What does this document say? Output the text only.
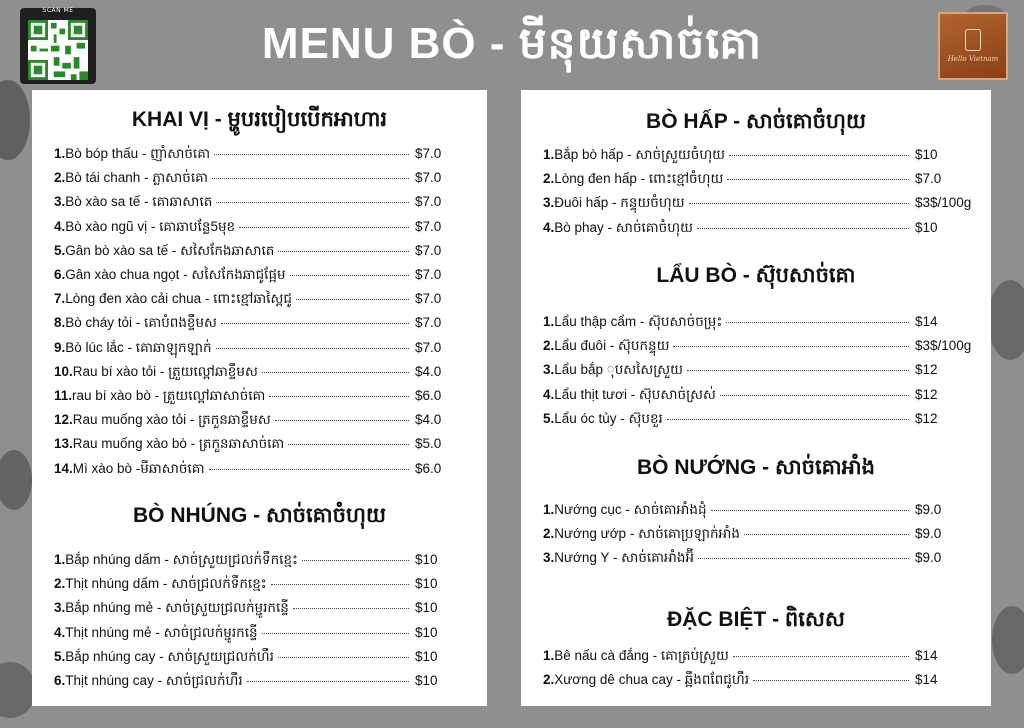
SCAN ME
Hello Vietnam
MENU BÒ - មីនុយសាច់គោ
KHAI VỊ - ម្ហូបរបៀបបើកអាហារ
1. Bò bóp thấu - ញាំសាច់គោ	$7.0
2. Bò tái chanh - ភ្លាសាច់គោ	$7.0
3. Bò xào sa tế - គោឆាសាតេ	$7.0
4. Bò xào ngũ vị - គោឆាបន្លែ5មុខ	$7.0
5. Gân bò xào sa tế - សសៃកែងឆាសាតេ	$7.0
6. Gân xào chua ngọt - សសៃកែងឆាជូផ្អែម	$7.0
7. Lòng đen xào cải chua - ពោះខ្មៅឆាស្ពៃជូ	$7.0
8. Bò cháy tỏi - គោបំពងខ្ទឹមស	$7.0
9. Bò lúc lắc - គោឆាឡុកឡាក់	$7.0
10. Rau bí xào tỏi - ត្រួយល្ពៅឆាខ្ទឹមស	$4.0
11. rau bí xào bò - ត្រួយល្ពៅឆាសាច់គោ	$6.0
12. Rau muống xào tỏi - ត្រកួនឆាខ្ទឹមស	$4.0
13. Rau muống xào bò - ត្រកួនឆាសាច់គោ	$5.0
14. Mì xào bò -មីឆាសាច់គោ	$6.0
BÒ NHÚNG - សាច់គោចំហុយ
1. Bắp nhúng dấm - សាច់ស្រួយជ្រលក់ទឹកខ្មេះ	$10
2. Thịt nhúng dấm - សាច់ជ្រលក់ទឹកខ្មេះ	$10
3. Bắp nhúng mẻ - សាច់ស្រួយជ្រលក់ម្ជូរកន្ទើ	$10
4. Thịt nhúng mẻ - សាច់ជ្រលក់ម្ជូរកន្ទើ	$10
5. Bắp nhúng cay - សាច់ស្រួយជ្រលក់ហឹរ	$10
6. Thịt nhúng cay - សាច់ជ្រលក់ហឹរ	$10
BÒ HẤP - សាច់គោចំហុយ
1. Bắp bò hấp - សាច់ស្រួយចំហុយ	$10
2. Lòng đen hấp - ពោះខ្មៅចំហុយ	$7.0
3. Đuôi hấp - កន្ទុយចំហុយ	$3$/100g
4. Bò phay - សាច់គោចំហុយ	$10
LẨU BÒ - ស៊ុបសាច់គោ
1. Lẩu thập cẩm - ស៊ុបសាច់ចម្រុះ	$14
2. Lẩu đuôi - ស៊ុបកន្ទុយ	$3$/100g
3. Lẩu bắp ុបសសៃស្រួយ	$12
4. Lẩu thịt tươi - ស៊ុបសាច់ស្រស់	$12
5. Lẩu óc tủy - ស៊ុបខួរ	$12
BÒ NƯỚNG - សាច់គោអាំង
1. Nướng cục - សាច់គោអាំងដុំ	$9.0
2. Nướng ướp - សាច់គោប្រឡាក់អាំង	$9.0
3. Nướng Y - សាច់គោអាំងអ៊ី	$9.0
ĐẶC BIỆT - ពិសេស
1. Bê nấu cà đắng - គោត្រប់ស្រួយ	$14
2. Xương dê chua cay - ឆ្អឹងពពែជូហឹរ	$14
